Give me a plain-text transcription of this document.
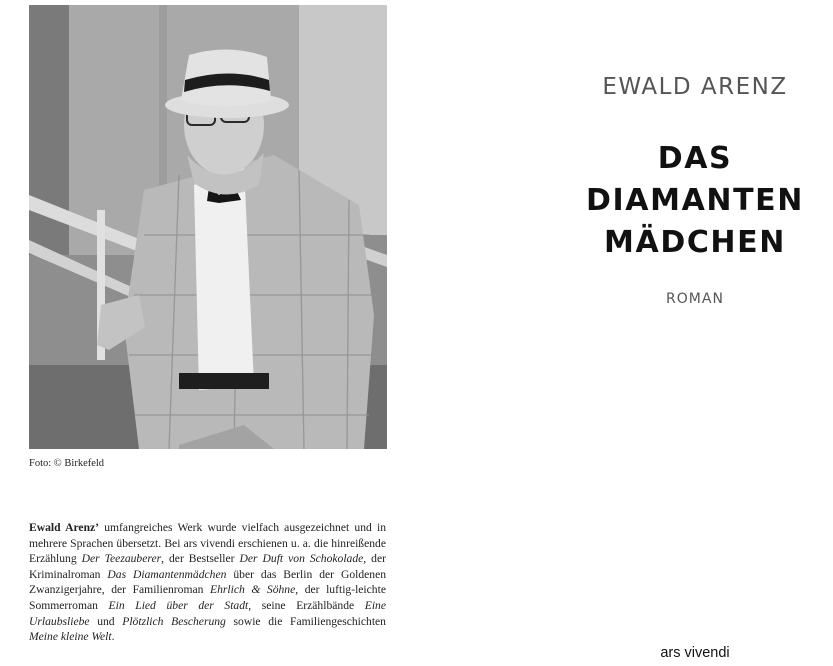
Foto: © Birkefeld
Ewald Arenz’ umfangreiches Werk wurde vielfach ausgezeichnet und in mehrere Sprachen übersetzt. Bei ars vivendi erschienen u. a. die hinreißende Erzählung Der Teezauberer, der Bestseller Der Duft von Schokolade, der Kriminalroman Das Diamantenmädchen über das Berlin der Goldenen Zwanzigerjahre, der Familienroman Ehrlich & Söhne, der luftig-leichte Sommerroman Ein Lied über der Stadt, seine Erzählbände Eine Urlaubsliebe und Plötzlich Bescherung sowie die Familiengeschichten Meine kleine Welt.
EWALD ARENZ
DAS
DIAMANTEN
MÄDCHEN
ROMAN
ars vivendi
